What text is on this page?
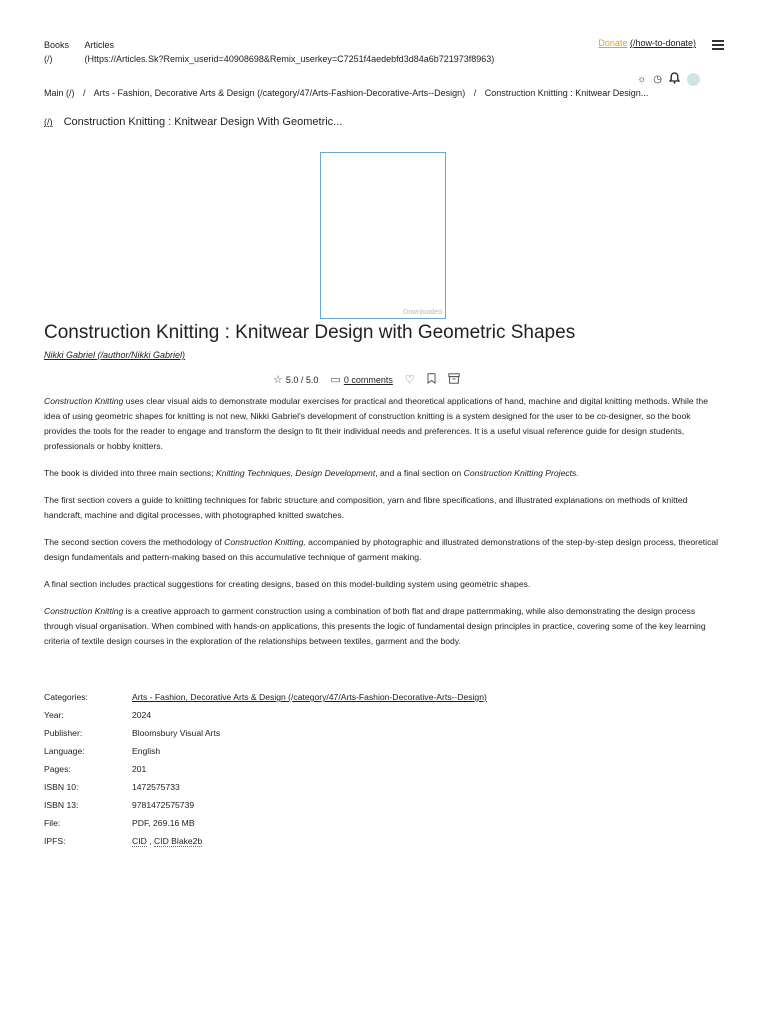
Books
(/) Articles
(Https://Articles.Sk?Remix_userid=40908698&Remix_userkey=C7251f4aedebfd3d84a6b721973f8963)
Donate (/how-to-donate)
☼ ◷
Main (/) / Arts - Fashion, Decorative Arts & Design (/category/47/Arts-Fashion-Decorative-Arts--Design) / Construction Knitting : Knitwear Design...
(/) Construction Knitting : Knitwear Design With Geometric...
Downloaded
Construction Knitting : Knitwear Design with Geometric Shapes
Nikki Gabriel (/author/Nikki Gabriel)
☆ 5.0 / 5.0 ▭ 0 comments ♡

Construction Knitting uses clear visual aids to demonstrate modular exercises for practical and theoretical applications of hand, machine and digital knitting methods. While the idea of using geometric shapes for knitting is not new, Nikki Gabriel's development of construction knitting is a system designed for the user to be co-designer, so the book provides the tools for the reader to engage and transform the design to fit their individual needs and preferences. It is a useful visual reference guide for design students, professionals or hobby knitters.

The book is divided into three main sections; Knitting Techniques, Design Development, and a final section on Construction Knitting Projects.

The first section covers a guide to knitting techniques for fabric structure and composition, yarn and fibre specifications, and illustrated explanations on methods of knitted handcraft, machine and digital processes, with photographed knitted swatches.

The second section covers the methodology of Construction Knitting, accompanied by photographic and illustrated demonstrations of the step-by-step design process, theoretical design fundamentals and pattern-making based on this accumulative technique of garment making.

A final section includes practical suggestions for creating designs, based on this model-building system using geometric shapes.

Construction Knitting is a creative approach to garment construction using a combination of both flat and drape patternmaking, while also demonstrating the design process through visual organisation. When combined with hands-on applications, this presents the logic of fundamental design principles in practice, covering some of the key learning criteria of textile design courses in the exploration of the relationships between textiles, garment and the body.

Categories:	Arts - Fashion, Decorative Arts & Design (/category/47/Arts-Fashion-Decorative-Arts--Design)
Year:	2024
Publisher:	Bloomsbury Visual Arts
Language:	English
Pages:	201
ISBN 10:	1472575733
ISBN 13:	9781472575739
File:	PDF, 269.16 MB
IPFS:	CID , CID Blake2b
